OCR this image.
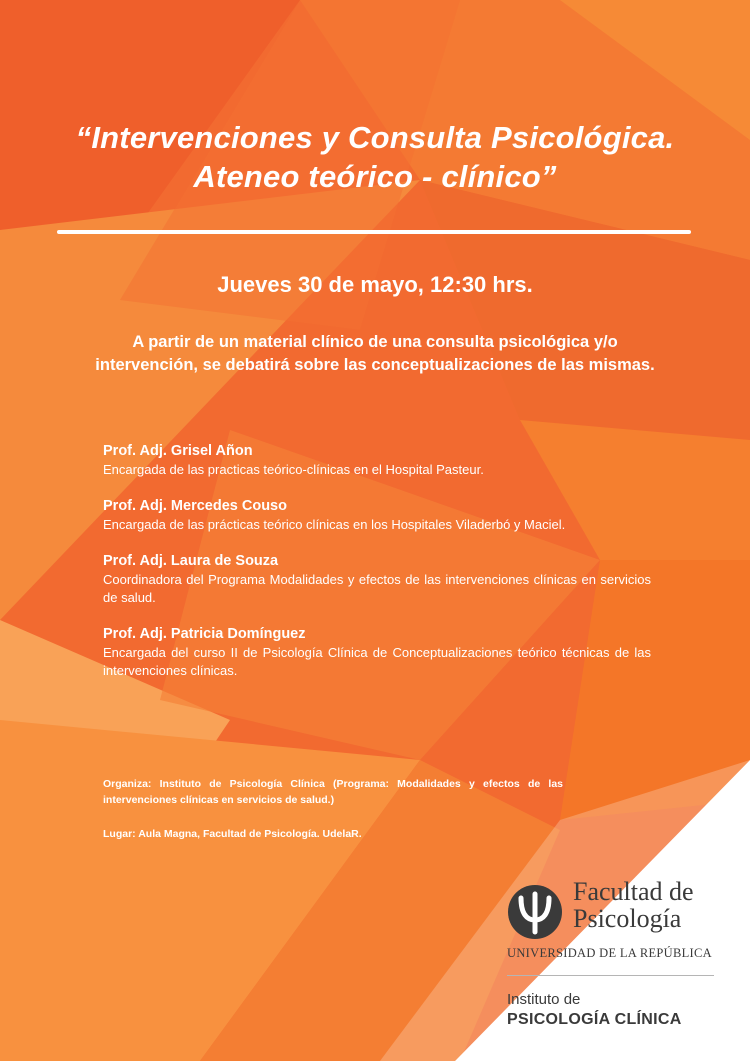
“Intervenciones y Consulta Psicológica.
Ateneo teórico - clínico”
Jueves 30 de mayo, 12:30 hrs.
A partir de un material clínico de una consulta psicológica y/o intervención, se debatirá sobre las conceptualizaciones de las mismas.
Prof. Adj. Grisel Añon
Encargada de las practicas teórico-clínicas en el Hospital Pasteur.
Prof. Adj. Mercedes Couso
Encargada de las prácticas teórico clínicas en los Hospitales Viladerbó y Maciel.
Prof. Adj. Laura de Souza
Coordinadora del Programa Modalidades y efectos de las intervenciones clínicas en servicios de salud.
Prof. Adj. Patricia Domínguez
Encargada del curso II de Psicología Clínica de Conceptualizaciones teórico técnicas de las intervenciones clínicas.
Organiza: Instituto de Psicología Clínica (Programa: Modalidades y efectos de las intervenciones clínicas en servicios de salud.)
Lugar: Aula Magna, Facultad de Psicología. UdelaR.
Facultad de
Psicología
UNIVERSIDAD DE LA REPÚBLICA
Instituto de
PSICOLOGÍA CLÍNICA
